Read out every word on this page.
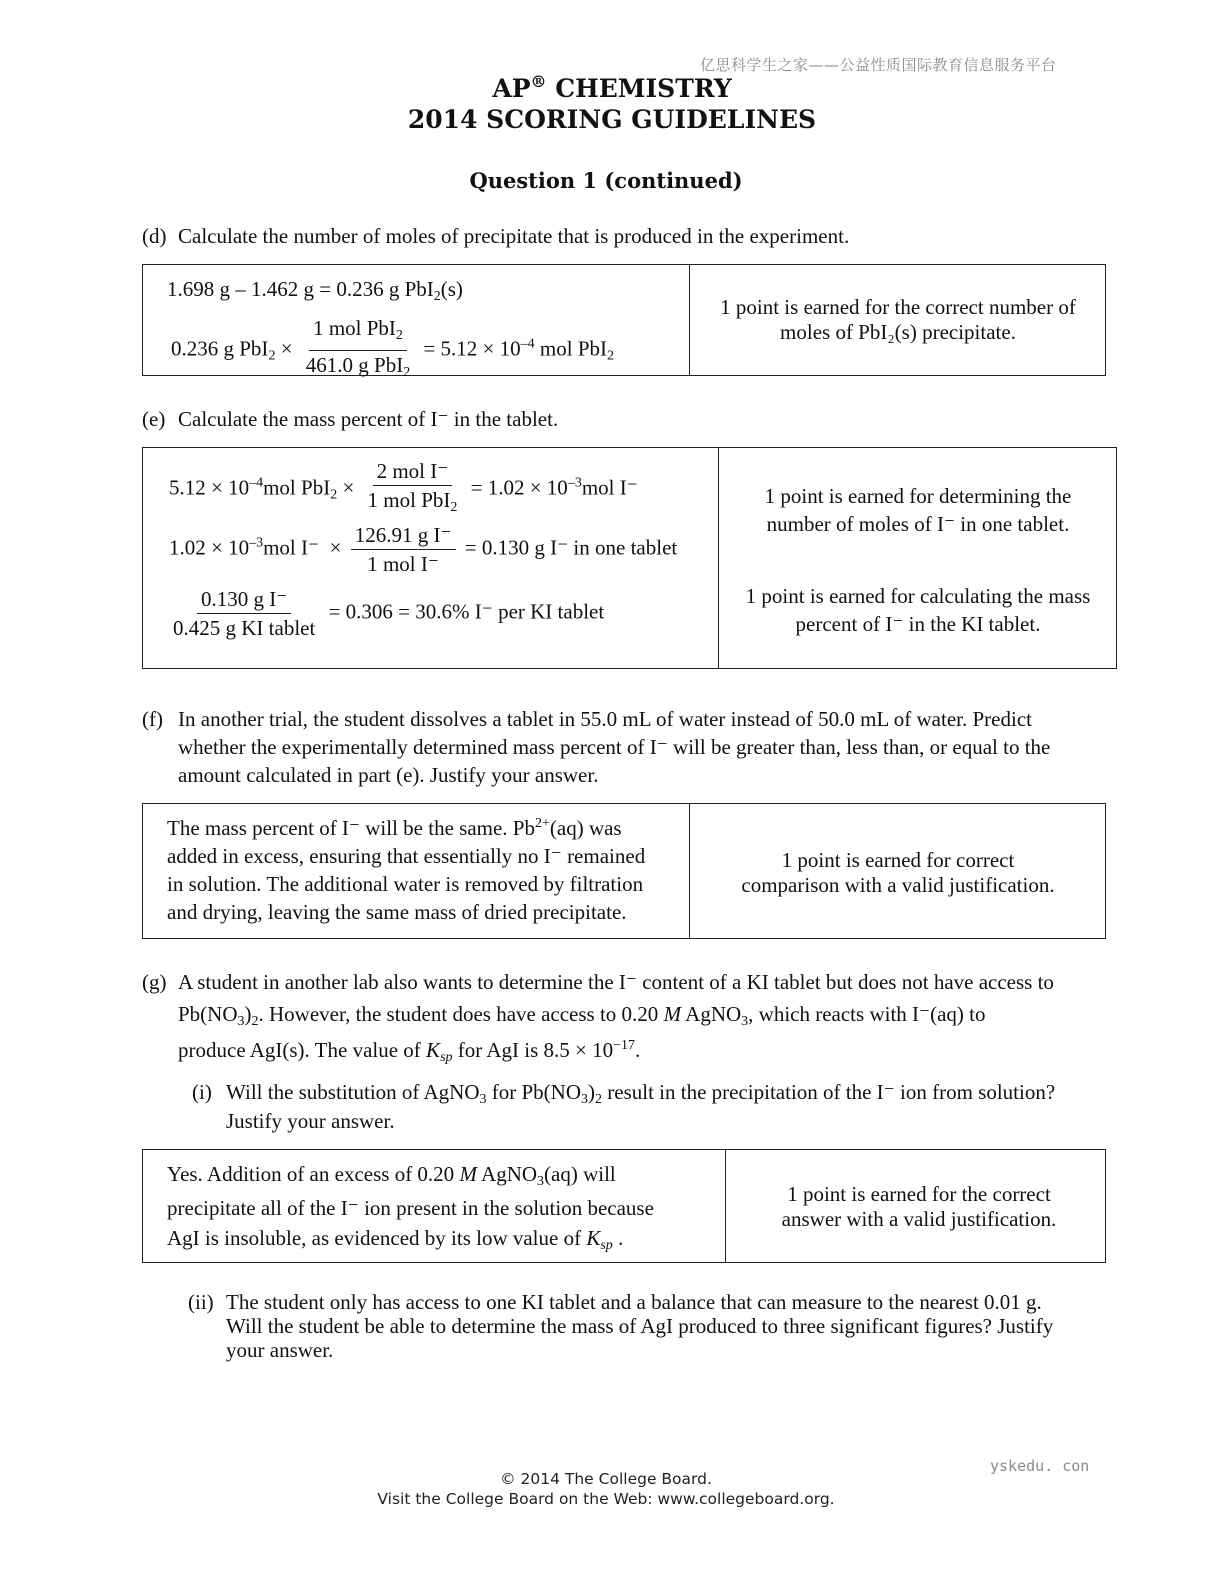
亿思科学生之家——公益性质国际教育信息服务平台
yskedu. con
AP® CHEMISTRY
2014 SCORING GUIDELINES
Question 1 (continued)
(d) Calculate the number of moles of precipitate that is produced in the experiment.
1.698 g – 1.462 g = 0.236 g PbI$_2$(s)
0.236 g $PbI_2 \times \frac{1 mol PbI_2}{461.0 g PbI_2} = 5.12 \times 10^{-4}$ mol PbI$_2$
1 point is earned for the correct number of moles of PbI₂(s) precipitate.
(e) Calculate the mass percent of I⁻ in the tablet.
$5.12 \times 10^{-4}mol$ $PbI_2 \times \frac{\text{2 mol I⁻}}{1 mol PbI_2} = 1.02 \times 10^{-3}mol$ I⁻
$1.02 \times 10^{-3}mol$ $I^- \times \frac{\text{126.91 g I⁻}}{\text{1 mol I⁻}} = 0.130$ g I⁻ in one tablet
$\frac{\text{0.130 g I⁻}}{\text{0.425 g KI tablet}} = 0.306 = 30.6\%$ I⁻ per KI tablet
1 point is earned for determining the number of moles of I⁻ in one tablet.
1 point is earned for calculating the mass percent of I⁻ in the KI tablet.
(f) In another trial, the student dissolves a tablet in 55.0 mL of water instead of 50.0 mL of water. Predict
whether the experimentally determined mass percent of I⁻ will be greater than, less than, or equal to the
amount calculated in part (e). Justify your answer.
The mass percent of I⁻ will be the same. $Pb^{2+}(aq)$ was
added in excess, ensuring that essentially no I⁻ remained
in solution. The additional water is removed by filtration
and drying, leaving the same mass of dried precipitate.
1 point is earned for correct
comparison with a valid justification.
(g) A student in another lab also wants to determine the I⁻ content of a KI tablet but does not have access to
$Pb(NO_3)_2$. However, the student does have access to 0.20 M AgNO$_3$, which reacts with I⁻(aq) to
produce AgI(s). The value of $K_{sp}$ for AgI is $8.5 \times 10^{-17}$.
(i) Will the substitution of AgNO$_3$ for $Pb(NO_3)_2$ result in the precipitation of the I⁻ ion from solution?
Justify your answer.
Yes. Addition of an excess of 0.20 M AgNO$_3$(aq) will
precipitate all of the I⁻ ion present in the solution because
AgI is insoluble, as evidenced by its low value of $K_{sp}$ .
1 point is earned for the correct
answer with a valid justification.
(ii) The student only has access to one KI tablet and a balance that can measure to the nearest 0.01 g.
Will the student be able to determine the mass of AgI produced to three significant figures? Justify
your answer.
© 2014 The College Board.
Visit the College Board on the Web: www.collegeboard.org.
